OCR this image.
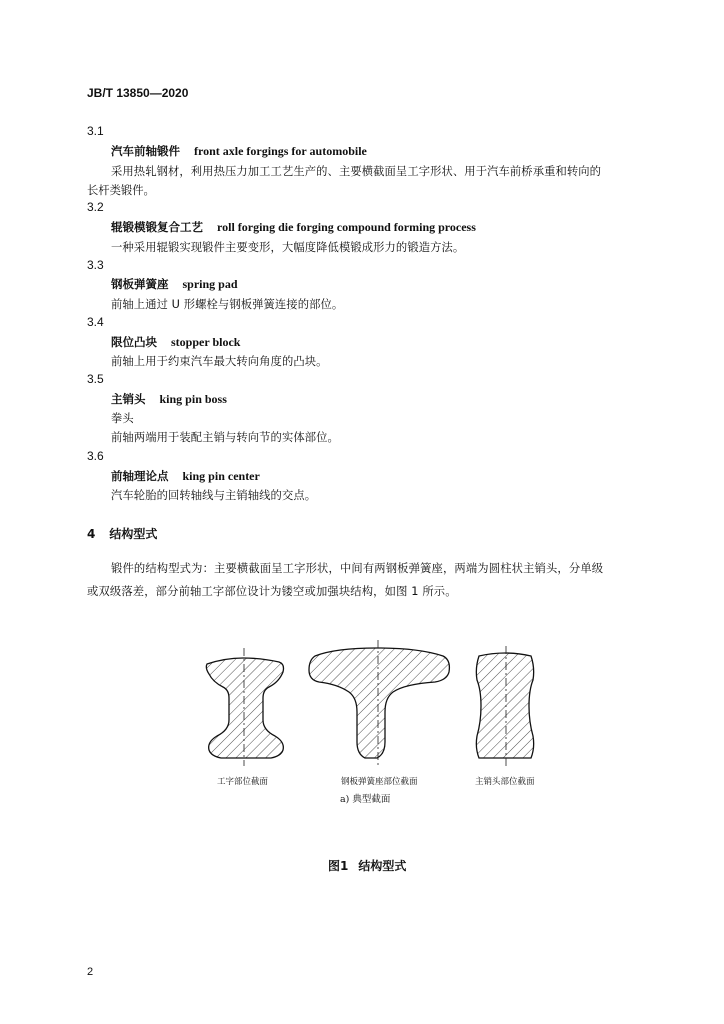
JB/T 13850—2020
3.1
汽车前轴锻件 front axle forgings for automobile
采用热轧钢材，利用热压力加工工艺生产的、主要横截面呈工字形状、用于汽车前桥承重和转向的
长杆类锻件。
3.2
辊锻模锻复合工艺 roll forging die forging compound forming process
一种采用辊锻实现锻件主要变形，大幅度降低模锻成形力的锻造方法。
3.3
钢板弹簧座 spring pad
前轴上通过 U 形螺栓与钢板弹簧连接的部位。
3.4
限位凸块 stopper block
前轴上用于约束汽车最大转向角度的凸块。
3.5
主销头 king pin boss
拳头
前轴两端用于装配主销与转向节的实体部位。
3.6
前轴理论点 king pin center
汽车轮胎的回转轴线与主销轴线的交点。
4 结构型式
锻件的结构型式为：主要横截面呈工字形状，中间有两钢板弹簧座，两端为圆柱状主销头，分单级
或双级落差，部分前轴工字部位设计为镂空或加强块结构，如图 1 所示。
工字部位截面	钢板弹簧座部位截面	主销头部位截面
a) 典型截面
图1 结构型式
2
